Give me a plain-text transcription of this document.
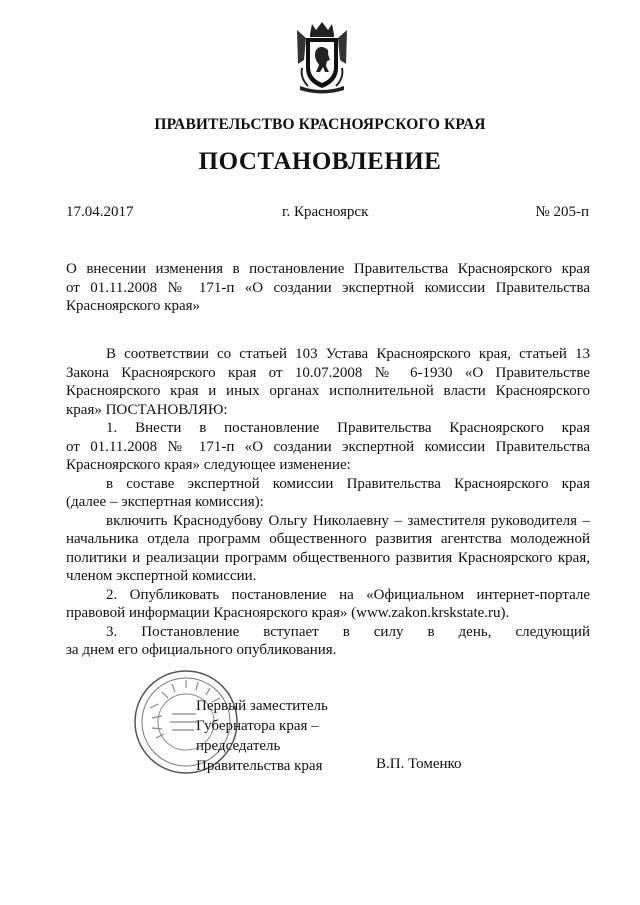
ПРАВИТЕЛЬСТВО КРАСНОЯРСКОГО КРАЯ
ПОСТАНОВЛЕНИЕ
17.04.2017	г. Красноярск	№ 205-п
О внесении изменения в постановление Правительства Красноярского края
от 01.11.2008 № 171-п «О создании экспертной комиссии Правительства
Красноярского края»
В соответствии со статьей 103 Устава Красноярского края, статьей 13
Закона Красноярского края от 10.07.2008 № 6-1930 «О Правительстве
Красноярского края и иных органах исполнительной власти Красноярского
края» ПОСТАНОВЛЯЮ:
1. Внести в постановление Правительства Красноярского края
от 01.11.2008 № 171-п «О создании экспертной комиссии Правительства
Красноярского края» следующее изменение:
в составе экспертной комиссии Правительства Красноярского края
(далее – экспертная комиссия):
включить Краснодубову Ольгу Николаевну – заместителя руководителя –
начальника отдела программ общественного развития агентства молодежной
политики и реализации программ общественного развития Красноярского края,
членом экспертной комиссии.
2. Опубликовать постановление на «Официальном интернет-портале
правовой информации Красноярского края» (www.zakon.krskstate.ru).
3. Постановление вступает в силу в день, следующий
за днем его официального опубликования.
Первый заместитель
Губернатора края –
председатель
Правительства края	В.П. Томенко
